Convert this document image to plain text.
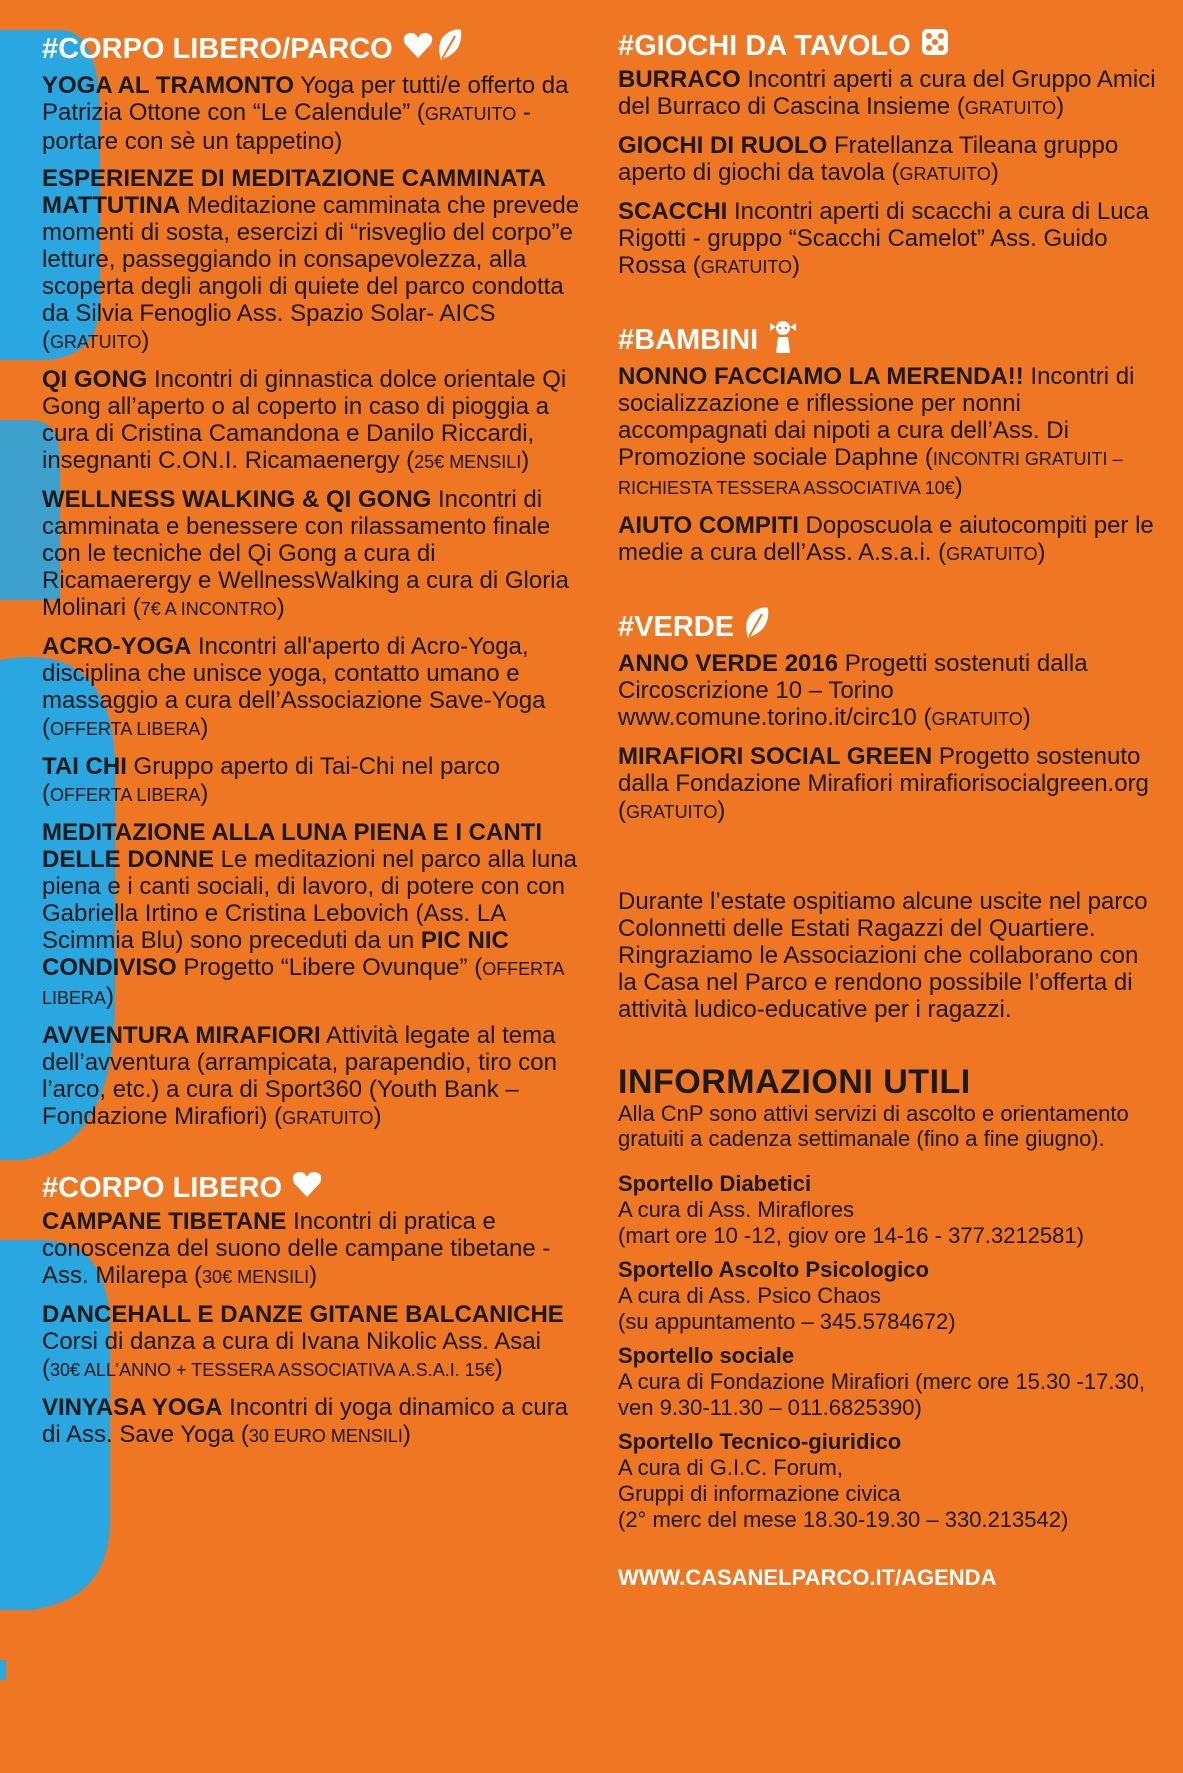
#CORPO LIBERO/PARCO
YOGA AL TRAMONTO Yoga per tutti/e offerto da Patrizia Ottone con “Le Calendule” (GRATUITO - portare con sè un tappetino)
ESPERIENZE DI MEDITAZIONE CAMMINATA MATTUTINA Meditazione camminata che prevede momenti di sosta, esercizi di “risveglio del corpo”e letture, passeggiando in consapevolezza, alla scoperta degli angoli di quiete del parco condotta da Silvia Fenoglio Ass. Spazio Solar- AICS (GRATUITO)
QI GONG Incontri di ginnastica dolce orientale Qi Gong all’aperto o al coperto in caso di pioggia a cura di Cristina Camandona e Danilo Riccardi, insegnanti C.ON.I. Ricamaenergy (25€ MENSILI)
WELLNESS WALKING & QI GONG Incontri di camminata e benessere con rilassamento finale con le tecniche del Qi Gong a cura di Ricamaerergy e WellnessWalking a cura di Gloria Molinari (7€ A INCONTRO)
ACRO-YOGA Incontri all'aperto di Acro-Yoga, disciplina che unisce yoga, contatto umano e massaggio a cura dell’Associazione Save-Yoga (OFFERTA LIBERA)
TAI CHI Gruppo aperto di Tai-Chi nel parco (OFFERTA LIBERA)
MEDITAZIONE ALLA LUNA PIENA E I CANTI DELLE DONNE Le meditazioni nel parco alla luna piena e i canti sociali, di lavoro, di potere con con Gabriella Irtino e Cristina Lebovich (Ass. LA Scimmia Blu) sono preceduti da un PIC NIC CONDIVISO Progetto “Libere Ovunque” (OFFERTA LIBERA)
AVVENTURA MIRAFIORI Attività legate al tema dell’avventura (arrampicata, parapendio, tiro con l’arco, etc.) a cura di Sport360 (Youth Bank – Fondazione Mirafiori) (GRATUITO)
#CORPO LIBERO
CAMPANE TIBETANE Incontri di pratica e conoscenza del suono delle campane tibetane - Ass. Milarepa (30€ MENSILI)
DANCEHALL E DANZE GITANE BALCANICHE Corsi di danza a cura di Ivana Nikolic Ass. Asai (30€ ALL’ANNO + TESSERA ASSOCIATIVA A.S.A.I. 15€)
VINYASA YOGA Incontri di yoga dinamico a cura di Ass. Save Yoga (30 EURO MENSILI)
#GIOCHI DA TAVOLO
BURRACO Incontri aperti a cura del Gruppo Amici del Burraco di Cascina Insieme (GRATUITO)
GIOCHI DI RUOLO Fratellanza Tileana gruppo aperto di giochi da tavola (GRATUITO)
SCACCHI Incontri aperti di scacchi a cura di Luca Rigotti - gruppo “Scacchi Camelot” Ass. Guido Rossa (GRATUITO)
#BAMBINI
NONNO FACCIAMO LA MERENDA!! Incontri di socializzazione e riflessione per nonni accompagnati dai nipoti a cura dell’Ass. Di Promozione sociale Daphne (INCONTRI GRATUITI – RICHIESTA TESSERA ASSOCIATIVA 10€)
AIUTO COMPITI Doposcuola e aiutocompiti per le medie a cura dell’Ass. A.s.a.i. (GRATUITO)
#VERDE
ANNO VERDE 2016 Progetti sostenuti dalla Circoscrizione 10 – Torino www.comune.torino.it/circ10 (GRATUITO)
MIRAFIORI SOCIAL GREEN Progetto sostenuto dalla Fondazione Mirafiori mirafiorisocialgreen.org (GRATUITO)
Durante l’estate ospitiamo alcune uscite nel parco Colonnetti delle Estati Ragazzi del Quartiere. Ringraziamo le Associazioni che collaborano con la Casa nel Parco e rendono possibile l’offerta di attività ludico-educative per i ragazzi.
INFORMAZIONI UTILI
Alla CnP sono attivi servizi di ascolto e orientamento gratuiti a cadenza settimanale (fino a fine giugno).
Sportello Diabetici
A cura di Ass. Miraflores
(mart ore 10 -12, giov ore 14-16 - 377.3212581)
Sportello Ascolto Psicologico
A cura di Ass. Psico Chaos
(su appuntamento – 345.5784672)
Sportello sociale
A cura di Fondazione Mirafiori (merc ore 15.30 -17.30, ven 9.30-11.30 – 011.6825390)
Sportello Tecnico-giuridico
A cura di G.I.C. Forum,
Gruppi di informazione civica
(2° merc del mese 18.30-19.30 – 330.213542)
WWW.CASANELPARCO.IT/AGENDA
